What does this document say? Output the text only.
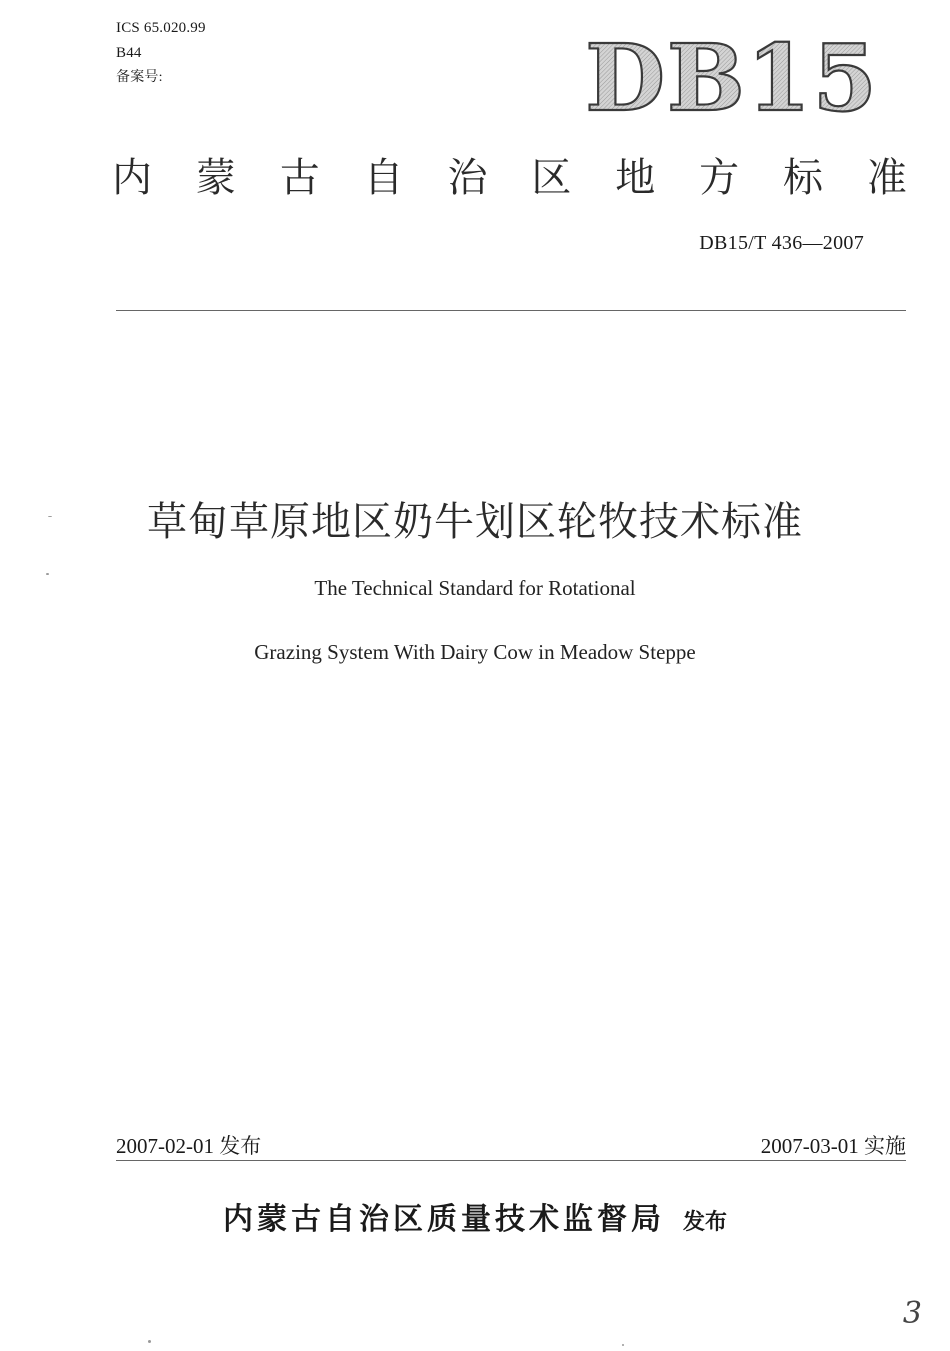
ICS 65.020.99
B44
备案号:	DB15
内 蒙 古 自 治 区 地 方 标 准
DB15/T 436—2007
草甸草原地区奶牛划区轮牧技术标准
The Technical Standard for Rotational
Grazing System With Dairy Cow in Meadow Steppe
2007-02-01 发布	2007-03-01 实施
内蒙古自治区质量技术监督局 发布
3
